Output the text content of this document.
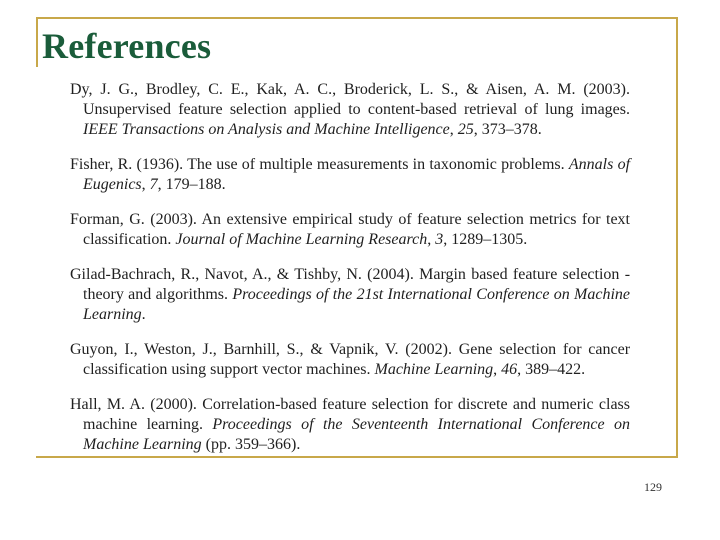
References
Dy, J. G., Brodley, C. E., Kak, A. C., Broderick, L. S., & Aisen, A. M. (2003). Unsupervised feature selection applied to content-based retrieval of lung images. IEEE Transactions on Analysis and Machine Intelligence, 25, 373–378.
Fisher, R. (1936). The use of multiple measurements in taxonomic problems. Annals of Eugenics, 7, 179–188.
Forman, G. (2003). An extensive empirical study of feature selection metrics for text classification. Journal of Machine Learning Research, 3, 1289–1305.
Gilad-Bachrach, R., Navot, A., & Tishby, N. (2004). Margin based feature selection - theory and algorithms. Proceedings of the 21st International Conference on Machine Learning.
Guyon, I., Weston, J., Barnhill, S., & Vapnik, V. (2002). Gene selection for cancer classification using support vector machines. Machine Learning, 46, 389–422.
Hall, M. A. (2000). Correlation-based feature selection for discrete and numeric class machine learning. Proceedings of the Seventeenth International Conference on Machine Learning (pp. 359–366).
129
